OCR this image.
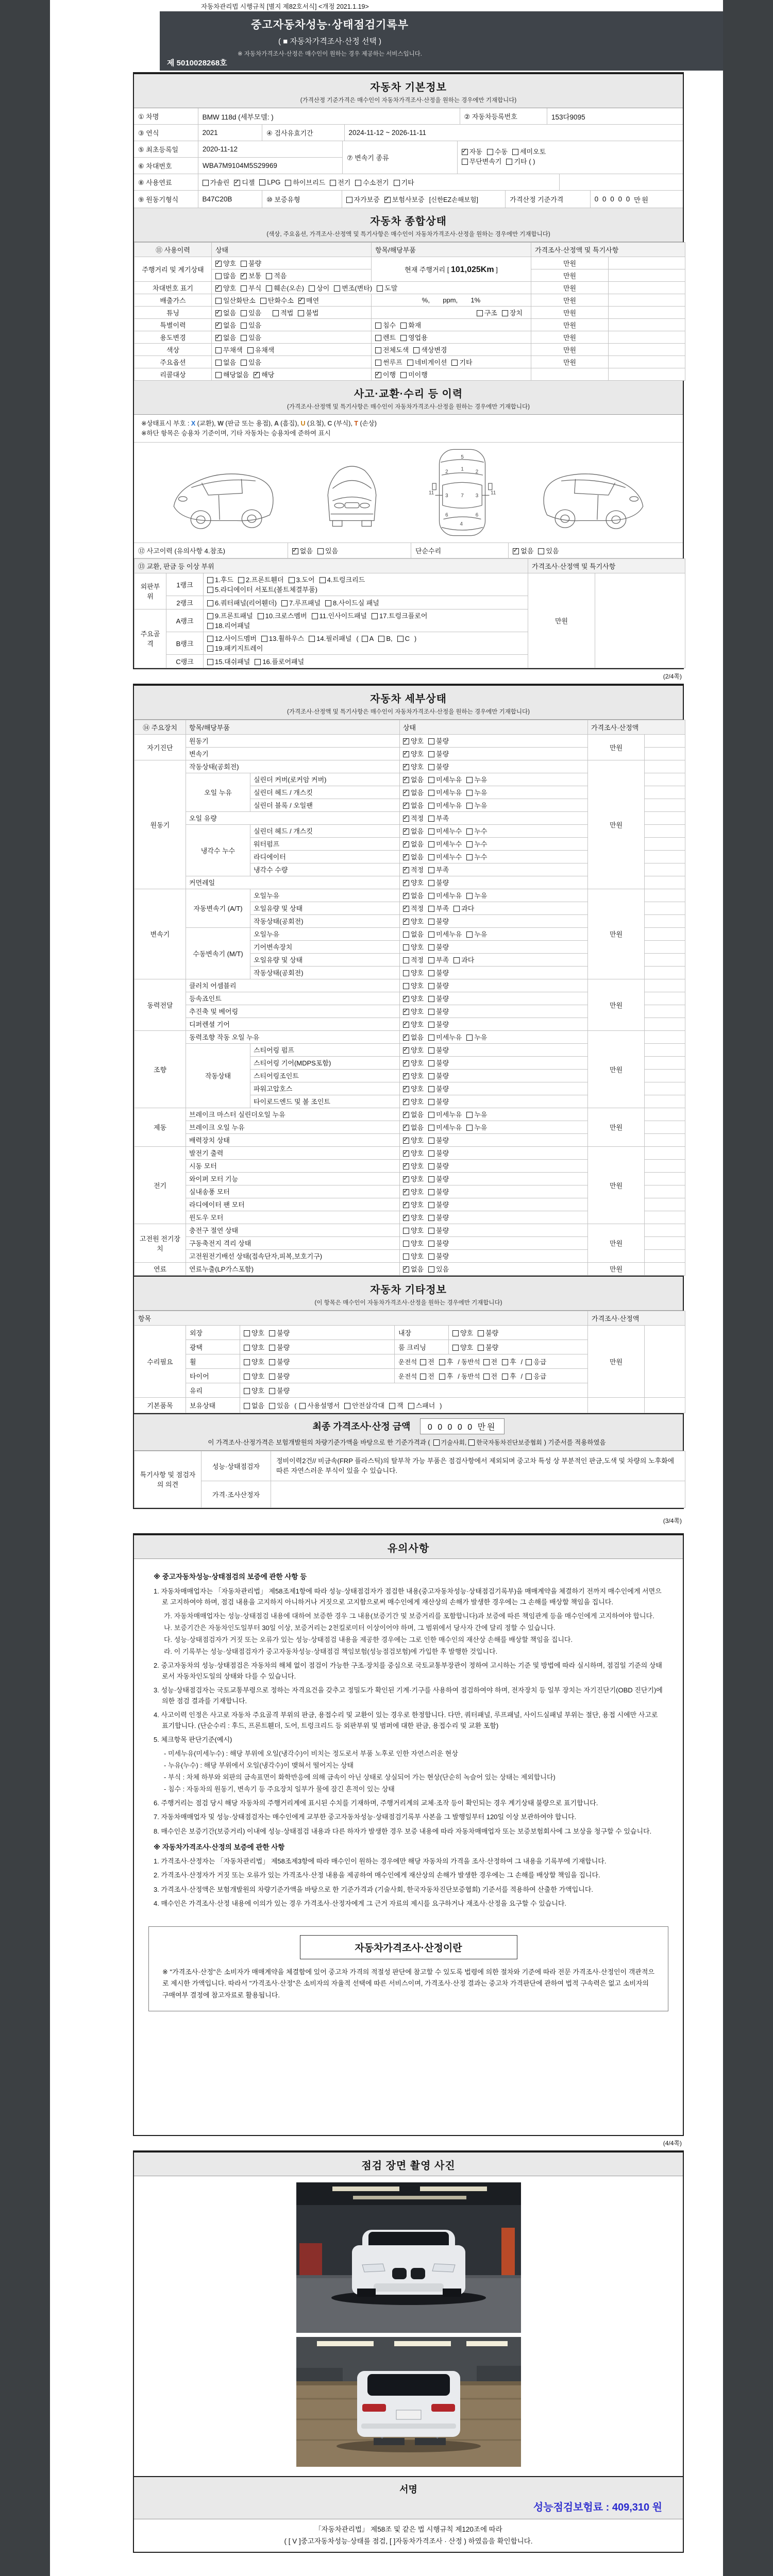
자동차관리법 시행규칙 [별지 제82호서식] <개정 2021.1.19>
중고자동차성능·상태점검기록부
( ■ 자동차가격조사·산정 선택 )
※ 자동차가격조사·산정은 매수인이 원하는 경우 제공하는 서비스입니다.
제 5010028268호
자동차 기본정보
(가격산정 기준가격은 매수인이 자동차가격조사·산정을 원하는 경우에만 기재합니다)
① 차명	BMW 118d (세부모델: )	② 자동차등록번호	153다9095
③ 연식	2021	④ 검사유효기간	2024-11-12 ~ 2026-11-11
⑤ 최초등록일	2020-11-12
⑥ 차대번호	WBA7M9104M5S29969
⑦ 변속기 종류
✓자동 수동 세미오토
무단변속기 기타 ( )
⑧ 사용연료	가솔린 ✓	디젤	LPG	하이브리드	전기	수소전기	기타
⑨ 원동기형식	B47C20B	⑩ 보증유형	자가보증 ✓	보험사보증 [신한EZ손해보험]	가격산정 기준가격	0 0 0 0 0
만원
자동차 종합상태
(색상, 주요옵션, 가격조사·산정액 및 특기사항은 매수인이 자동차가격조사·산정을 원하는 경우에만 기재합니다)
⑪ 사용이력	상태	항목/해당부품	가격조사·산정액 및 특기사항	
주행거리 및 계기상태	✓양호 불량	현재 주행거리 [ 101,025Km ]	만원	
	많음 ✓ 보통 적음		만원	
차대번호 표기	✓양호 부식 훼손(오손) 상이 변조(변타) 도말		만원	
배출가스	일산화탄소 탄화수소 ✓ 매연	%,       ppm,       1%	만원	
튜닝	✓없음 있음 적법 불법	구조 장치	만원	
특별이력	✓없음 있음	침수 화재	만원	
용도변경	✓없음 있음	렌트 영업용	만원	
색상	무채색 유채색	전체도색 색상변경	만원	
주요옵션	없음 있음	썬루프 네비게이션 기타	만원	
리콜대상	해당없음 ✓ 해당	✓이행 미이행		
사고·교환·수리 등 이력
(가격조사·산정액 및 특기사항은 매수인이 자동차가격조사·산정을 원하는 경우에만 기재합니다)
※상태표시 부호 : X (교환), W (판금 또는 용접), A (흠집), U (요철), C (부식), T (손상)
※하단 항목은 승용차 기준이며, 기타 자동차는 승용차에 준하여 표시
5
1
2	2
3	3
7
6	6
4
11	11
⑫ 사고이력 (유의사항 4.참조) ✓	없음	있음	단순수리 ✓	없음	있음
⑬ 교환, 판금 등 이상 부위			가격조사·산정액 및 특기사항	
외판부위	1랭크	1.후드 2.프론트휀더 3.도어 4.트렁크리드
5.라디에이터 서포트(볼트체결부품)	만원	
	2랭크	6.쿼터패널(리어휀더) 7.루프패널 8.사이드실 패널		
주요골격	A랭크	9.프론트패널 10.크로스멤버 11.인사이드패널 17.트렁크플로어
18.리어패널		
	B랭크	12.사이드멤버 13.휠하우스 14.필러패널 ( A B, C )
19.패키지트레이		
	C랭크	15.대쉬패널 16.플로어패널		
(2/4쪽)
자동차 세부상태
(가격조사·산정액 및 특기사항은 매수인이 자동차가격조사·산정을 원하는 경우에만 기재합니다)
⑭ 주요장치	항목/해당부품		상태	가격조사·산정액	
자기진단	원동기	✓양호 불량	만원	
	변속기	✓양호 불량	
원동기	작동상태(공회전)	✓양호 불량	만원	
	오일 누유	실린더 커버(로커암 커버)	✓없음 미세누유 누유	
		실린더 헤드 / 개스킷	✓없음 미세누유 누유	
		실린더 블록 / 오일팬	✓없음 미세누유 누유	
	오일 유량	✓적정 부족	
	냉각수 누수	실린더 헤드 / 개스킷	✓없음 미세누수 누수	
		워터펌프	✓없음 미세누수 누수	
		라디에이터	✓없음 미세누수 누수	
		냉각수 수량	✓적정 부족	
	커먼레일	✓양호 불량	
변속기	자동변속기 (A/T)	오일누유	✓없음 미세누유 누유	만원	
		오일유량 및 상태	✓적정 부족 과다	
		작동상태(공회전)	✓양호 불량	
	수동변속기 (M/T)	오일누유	없음 미세누유 누유		
		기어변속장치	양호 불량		
		오일유량 및 상태	적정 부족 과다		
		작동상태(공회전)	양호 불량		
동력전달	클러치 어셈블리		양호 불량	만원	
	등속죠인트	✓양호 불량	
	추진축 및 베어링	✓양호 불량	
	디퍼렌셜 기어	✓양호 불량	
조향	동력조향 작동 오일 누유	✓없음 미세누유 누유	만원	
	작동상태	스티어링 펌프	✓양호 불량	
		스티어링 기어(MDPS포함)	✓양호 불량	
		스티어링조인트	✓양호 불량	
		파워고압호스	✓양호 불량	
		타이로드엔드 및 볼 조인트	✓양호 불량	
제동	브레이크 마스터 실린더오일 누유	✓없음 미세누유 누유	만원	
	브레이크 오일 누유	✓없음 미세누유 누유	
	배력장치 상태	✓양호 불량	
전기	발전기 출력	✓양호 불량	만원	
	시동 모터	✓양호 불량	
	와이퍼 모터 기능	✓양호 불량	
	실내송풍 모터	✓양호 불량	
	라디에이터 팬 모터	✓양호 불량	
	윈도우 모터	✓양호 불량	
고전원 전기장치	충전구 절연 상태		양호 불량	만원	
	구동축전지 격리 상태		양호 불량		
	고전원전기배선 상태(접속단자,피복,보호기구)		양호 불량		
연료	연료누출(LP가스포함)	✓없음 있음	만원	
자동차 기타정보
(이 항목은 매수인이 자동차가격조사·산정을 원하는 경우에만 기재합니다)
항목					가격조사·산정액	
수리필요	외장	양호 불량	내장	양호 불량	만원	
	광택	양호 불량	룸 크리닝	양호 불량		
	휠	양호 불량	운전석 전 후 / 동반석 전 후 / 응급			
	타이어	양호 불량	운전석 전 후 / 동반석 전 후 / 응급			
	유리	양호 불량				
기본품목	보유상태	없음 있음 ( 사용설명서 안전삼각대 잭 스패너 )				
최종 가격조사·산정 금액 0 0 0 0 0 만원
이 가격조사·산정가격은 보험개발원의 차량기준가액을 바탕으로 한 기준가격과 ( 기술사회, 한국자동차진단보증협회 ) 기준서를 적용하였음
특기사항 및 점검자의 의견	성능·상태점검자	정비이력2건// 비금속(FRP 플라스틱)의 탈부착 가능 부품은 점검사항에서 제외되며 중고차 특성 상 부분적인 판금,도색 및 차량의 노후화에 따른 자연스러운 부식이 있을 수 있습니다.
	가격·조사산정자	
(3/4쪽)
유의사항
※ 중고자동차성능·상태점검의 보증에 관한 사항 등
1. 자동차매매업자는 「자동차관리법」 제58조제1항에 따라 성능·상태점검자가 점검한 내용(중고자동차성능·상태점검기록부)을 매매계약을 체결하기 전까지 매수인에게 서면으로 고지하여야 하며, 점검 내용을 고지하지 아니하거나 거짓으로 고지함으로써 매수인에게 재산상의 손해가 발생한 경우에는 그 손해를 배상할 책임을 집니다.
가. 자동차매매업자는 성능·상태점검 내용에 대하여 보증한 경우 그 내용(보증기간 및 보증거리를 포함합니다)과 보증에 따른 책임관계 등을 매수인에게 고지하여야 합니다.
나. 보증기간은 자동차인도일부터 30일 이상, 보증거리는 2천킬로미터 이상이어야 하며, 그 범위에서 당사자 간에 달리 정할 수 있습니다.
다. 성능·상태점검자가 거짓 또는 오류가 있는 성능·상태점검 내용을 제공한 경우에는 그로 인한 매수인의 재산상 손해를 배상할 책임을 집니다.
라. 이 기록부는 성능·상태점검자가 중고자동차성능·상태점검 책임보험(성능점검보험)에 가입한 후 발행한 것입니다.
2. 중고자동차의 성능·상태점검은 자동차의 해체 없이 점검이 가능한 구조·장치를 중심으로 국토교통부장관이 정하여 고시하는 기준 및 방법에 따라 실시하며, 점검일 기준의 상태로서 자동차인도일의 상태와 다를 수 있습니다.
3. 성능·상태점검자는 국토교통부령으로 정하는 자격요건을 갖추고 정밀도가 확인된 기계·기구를 사용하여 점검하여야 하며, 전자장치 등 일부 장치는 자기진단기(OBD 진단기)에 의한 점검 결과를 기재합니다.
4. 사고이력 인정은 사고로 자동차 주요골격 부위의 판금, 용접수리 및 교환이 있는 경우로 한정합니다. 다만, 쿼터패널, 루프패널, 사이드실패널 부위는 절단, 용접 시에만 사고로 표기합니다. (단순수리 : 후드, 프론트휀더, 도어, 트렁크리드 등 외판부위 및 범퍼에 대한 판금, 용접수리 및 교환 포함)
5. 체크항목 판단기준(예시)
- 미세누유(미세누수) : 해당 부위에 오일(냉각수)이 비치는 정도로서 부품 노후로 인한 자연스러운 현상
- 누유(누수) : 해당 부위에서 오일(냉각수)이 맺혀서 떨어지는 상태
- 부식 : 차체 하부와 외판의 금속표면이 화학반응에 의해 금속이 아닌 상태로 상실되어 가는 현상(단순히 녹슬어 있는 상태는 제외합니다)
- 침수 : 자동차의 원동기, 변속기 등 주요장치 일부가 물에 잠긴 흔적이 있는 상태
6. 주행거리는 점검 당시 해당 자동차의 주행거리계에 표시된 수치를 기재하며, 주행거리계의 교체·조작 등이 확인되는 경우 계기상태 불량으로 표기합니다.
7. 자동차매매업자 및 성능·상태점검자는 매수인에게 교부한 중고자동차성능·상태점검기록부 사본을 그 발행일부터 120일 이상 보관하여야 합니다.
8. 매수인은 보증기간(보증거리) 이내에 성능·상태점검 내용과 다른 하자가 발생한 경우 보증 내용에 따라 자동차매매업자 또는 보증보험회사에 그 보상을 청구할 수 있습니다.
※ 자동차가격조사·산정의 보증에 관한 사항
1. 가격조사·산정자는 「자동차관리법」 제58조제3항에 따라 매수인이 원하는 경우에만 해당 자동차의 가격을 조사·산정하여 그 내용을 기록부에 기재합니다.
2. 가격조사·산정자가 거짓 또는 오류가 있는 가격조사·산정 내용을 제공하여 매수인에게 재산상의 손해가 발생한 경우에는 그 손해를 배상할 책임을 집니다.
3. 가격조사·산정액은 보험개발원의 차량기준가액을 바탕으로 한 기준가격과 (기술사회, 한국자동차진단보증협회) 기준서를 적용하여 산출한 가액입니다.
4. 매수인은 가격조사·산정 내용에 이의가 있는 경우 가격조사·산정자에게 그 근거 자료의 제시를 요구하거나 재조사·산정을 요구할 수 있습니다.
자동차가격조사·산정이란
※ "가격조사·산정"은 소비자가 매매계약을 체결함에 있어 중고차 가격의 적절성 판단에 참고할 수 있도록 법령에 의한 절차와 기준에 따라 전문 가격조사·산정인이 객관적으로 제시한 가액입니다. 따라서 "가격조사·산정"은 소비자의 자율적 선택에 따른 서비스이며, 가격조사·산정 결과는 중고차 가격판단에 관하여 법적 구속력은 없고 소비자의 구매여부 결정에 참고자료로 활용됩니다.
(4/4쪽)
점검 장면 촬영 사진
서명
성능점검보험료 : 409,310 원
「자동차관리법」 제58조 및 같은 법 시행규칙 제120조에 따라
( [ V ]중고자동차성능·상태를 점검, [ ]자동차가격조사 · 산정 ) 하였음을 확인합니다.
